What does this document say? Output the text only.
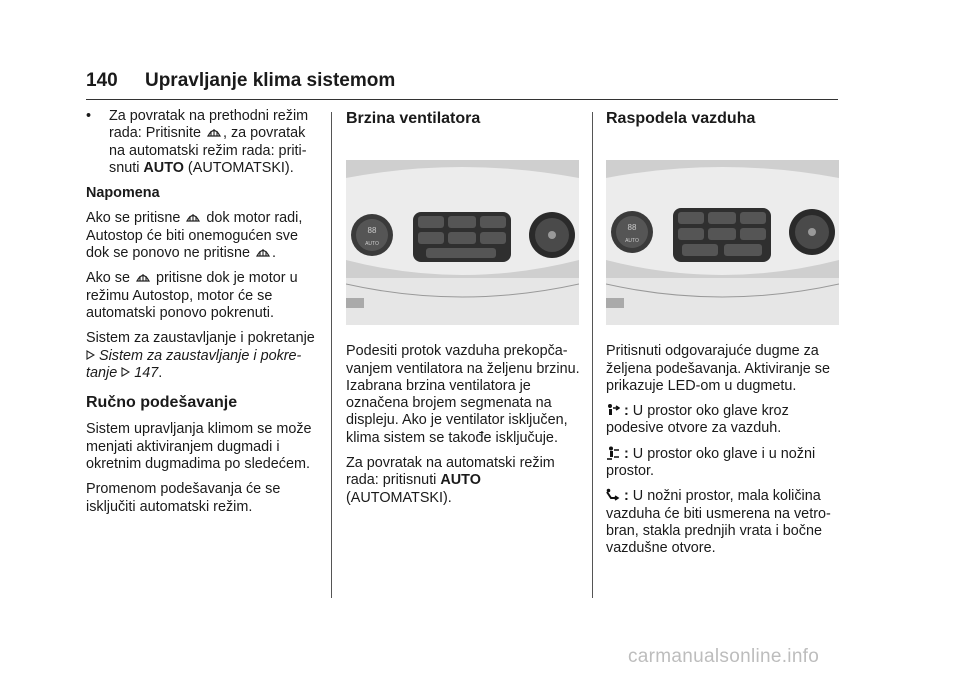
140 Upravljanje klima sistemom
•	Za povratak na prethodni režim rada: Pritisnite , za povratak na automatski režim rada: priti-snuti AUTO (AUTOMATSKI).

Napomena

Ako se pritisne dok motor radi, Autostop će biti onemogućen sve dok se ponovo ne pritisne .

Ako se pritisne dok je motor u režimu Autostop, motor će se automatski ponovo pokrenuti.

Sistem za zaustavljanje i pokretanje

Sistem za zaustavljanje i pokre-tanje 147.

Ručno podešavanje

Sistem upravljanja klimom se može menjati aktiviranjem dugmadi i okretnim dugmadima po sledećem.

Promenom podešavanja će se isključiti automatski režim.

Brzina ventilatora
88
AUTO

Podesiti protok vazduha prekopča-vanjem ventilatora na željenu brzinu. Izabrana brzina ventilatora je označena brojem segmenata na displeju. Ako je ventilator isključen, klima sistem se takođe isključuje.

Za povratak na automatski režim rada: pritisnuti AUTO
(AUTOMATSKI).

Raspodela vazduha
88
AUTO

Pritisnuti odgovarajuće dugme za željena podešavanja. Aktiviranje se prikazuje LED-om u dugmetu.

: U prostor oko glave kroz podesive otvore za vazduh.

: U prostor oko glave i u nožni prostor.

: U nožni prostor, mala količina vazduha će biti usmerena na vetro-bran, stakla prednjih vrata i bočne vazdušne otvore.

carmanualsonline.info
